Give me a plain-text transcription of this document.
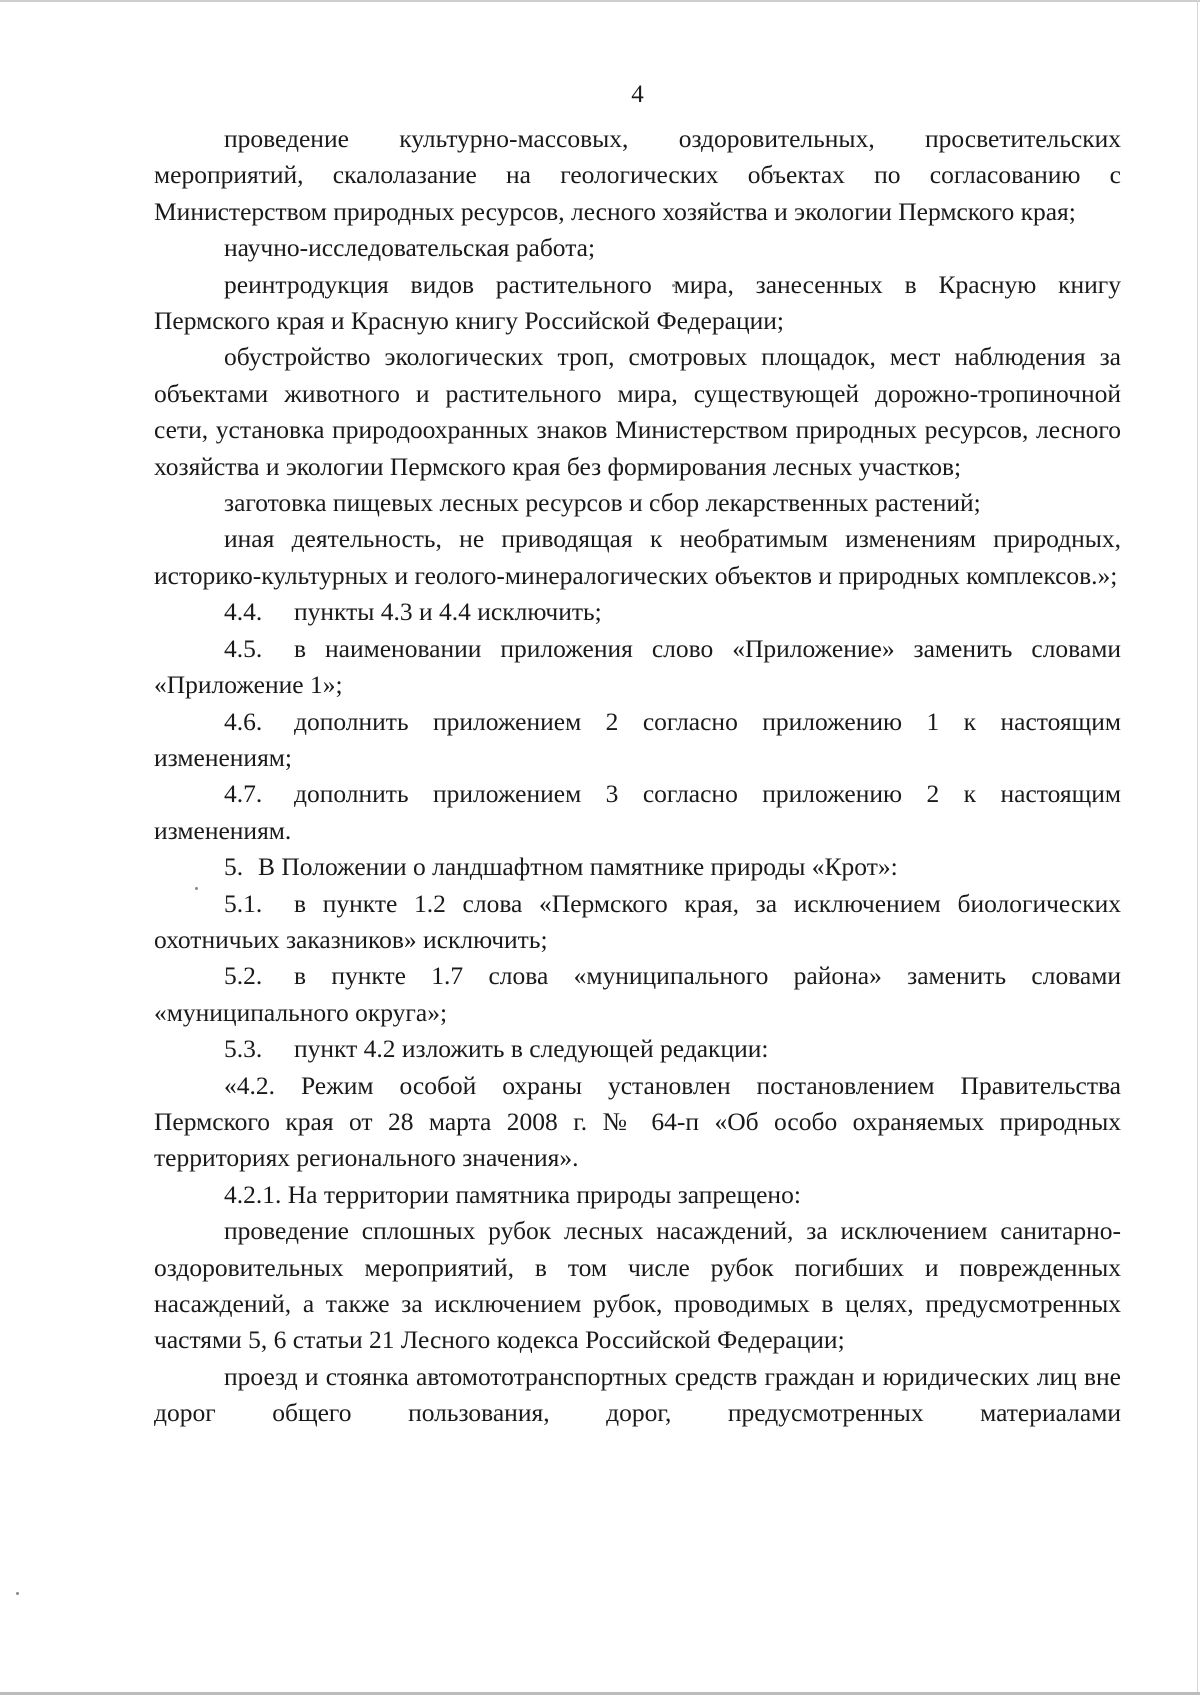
4

проведение культурно-массовых, оздоровительных, просветительских мероприятий, скалолазание на геологических объектах по согласованию с Министерством природных ресурсов, лесного хозяйства и экологии Пермского края;

научно-исследовательская работа;

реинтродукция видов растительного мира, занесенных в Красную книгу Пермского края и Красную книгу Российской Федерации;

обустройство экологических троп, смотровых площадок, мест наблюдения за объектами животного и растительного мира, существующей дорожно-тропиночной сети, установка природоохранных знаков Министерством природных ресурсов, лесного хозяйства и экологии Пермского края без формирования лесных участков;

заготовка пищевых лесных ресурсов и сбор лекарственных растений;

иная деятельность, не приводящая к необратимым изменениям природных, историко-культурных и геолого-минералогических объектов и природных комплексов.»;

4.4. пункты 4.3 и 4.4 исключить;

4.5. в наименовании приложения слово «Приложение» заменить словами «Приложение 1»;

4.6. дополнить приложением 2 согласно приложению 1 к настоящим изменениям;

4.7. дополнить приложением 3 согласно приложению 2 к настоящим изменениям.

5. В Положении о ландшафтном памятнике природы «Крот»:

5.1. в пункте 1.2 слова «Пермского края, за исключением биологических охотничьих заказников» исключить;

5.2. в пункте 1.7 слова «муниципального района» заменить словами «муниципального округа»;

5.3. пункт 4.2 изложить в следующей редакции:

«4.2. Режим особой охраны установлен постановлением Правительства Пермского края от 28 марта 2008 г. № 64-п «Об особо охраняемых природных территориях регионального значения».

4.2.1. На территории памятника природы запрещено:

проведение сплошных рубок лесных насаждений, за исключением санитарно-оздоровительных мероприятий, в том числе рубок погибших и поврежденных насаждений, а также за исключением рубок, проводимых в целях, предусмотренных частями 5, 6 статьи 21 Лесного кодекса Российской Федерации;

проезд и стоянка автомототранспортных средств граждан и юридических лиц вне дорог общего пользования, дорог, предусмотренных материалами
